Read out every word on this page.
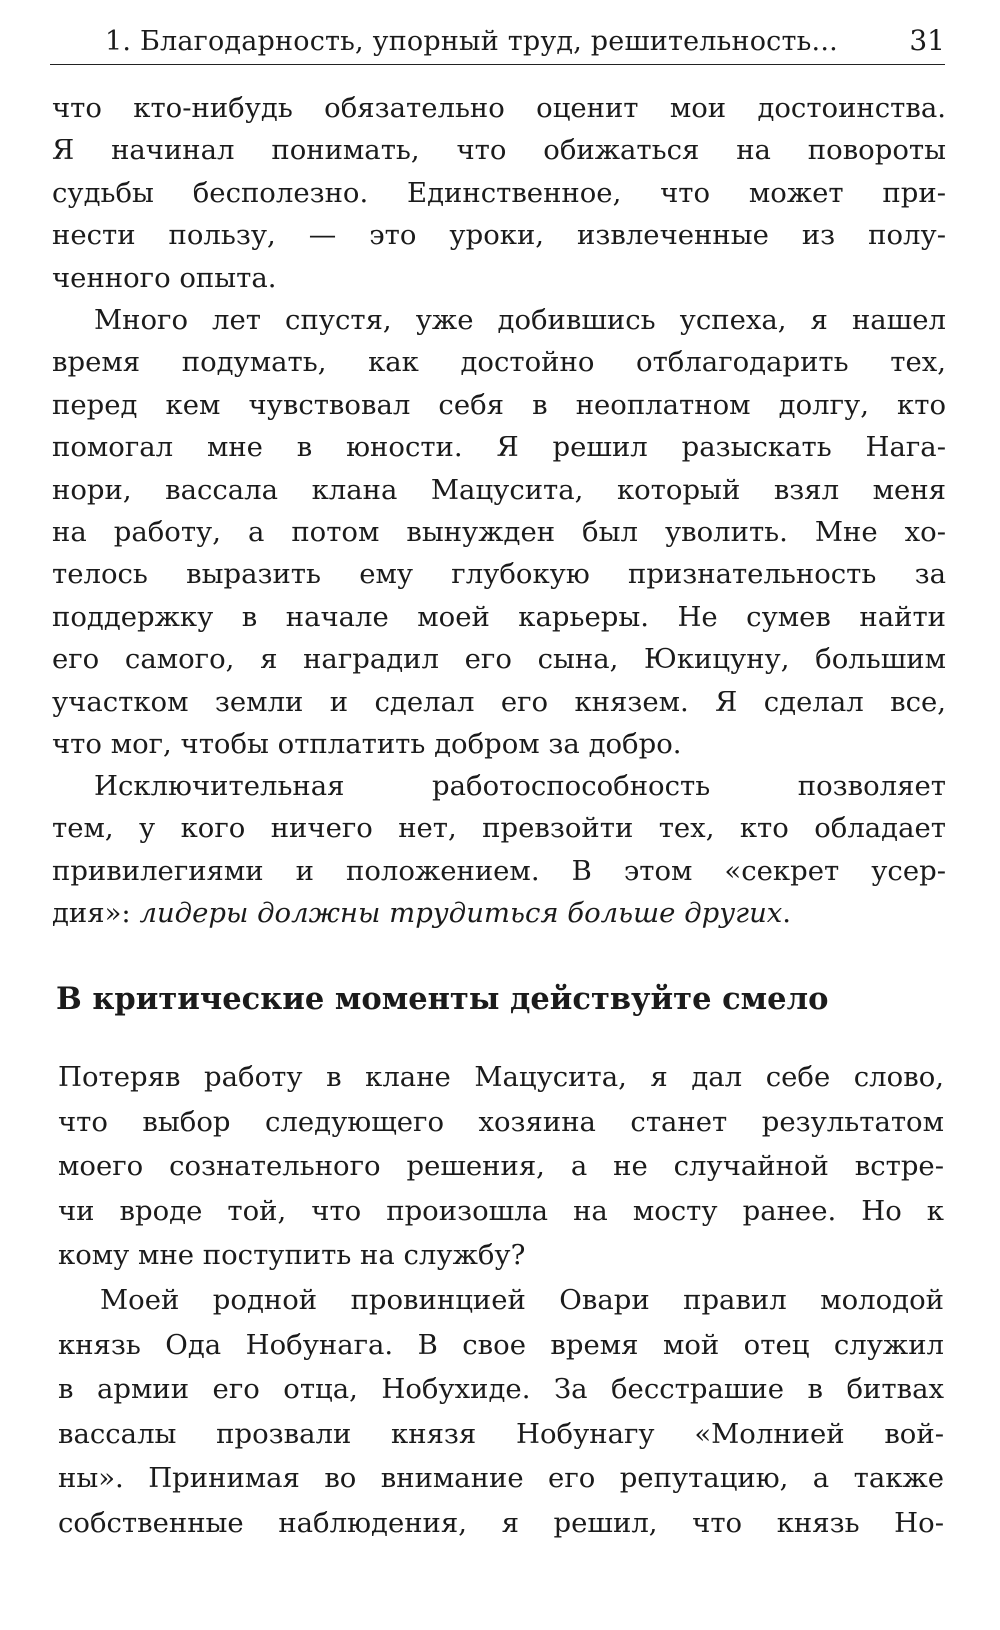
1. Благодарность, упорный труд, решительность...	31
что кто-нибудь обязательно оценит мои достоинства.
Я начинал понимать, что обижаться на повороты
судьбы бесполезно. Единственное, что может при-
нести пользу, — это уроки, извлеченные из полу-
ченного опыта.
Много лет спустя, уже добившись успеха, я нашел
время подумать, как достойно отблагодарить тех,
перед кем чувствовал себя в неоплатном долгу, кто
помогал мне в юности. Я решил разыскать Нага-
нори, вассала клана Мацусита, который взял меня
на работу, а потом вынужден был уволить. Мне хо-
телось выразить ему глубокую признательность за
поддержку в начале моей карьеры. Не сумев найти
его самого, я наградил его сына, Юкицуну, большим
участком земли и сделал его князем. Я сделал все,
что мог, чтобы отплатить добром за добро.
Исключительная работоспособность позволяет
тем, у кого ничего нет, превзойти тех, кто обладает
привилегиями и положением. В этом «секрет усер-
дия»: лидеры должны трудиться больше других.
В критические моменты действуйте смело
Потеряв работу в клане Мацусита, я дал себе слово,
что выбор следующего хозяина станет результатом
моего сознательного решения, а не случайной встре-
чи вроде той, что произошла на мосту ранее. Но к
кому мне поступить на службу?
Моей родной провинцией Овари правил молодой
князь Ода Нобунага. В свое время мой отец служил
в армии его отца, Нобухиде. За бесстрашие в битвах
вассалы прозвали князя Нобунагу «Молнией вой-
ны». Принимая во внимание его репутацию, а также
собственные наблюдения, я решил, что князь Но-
